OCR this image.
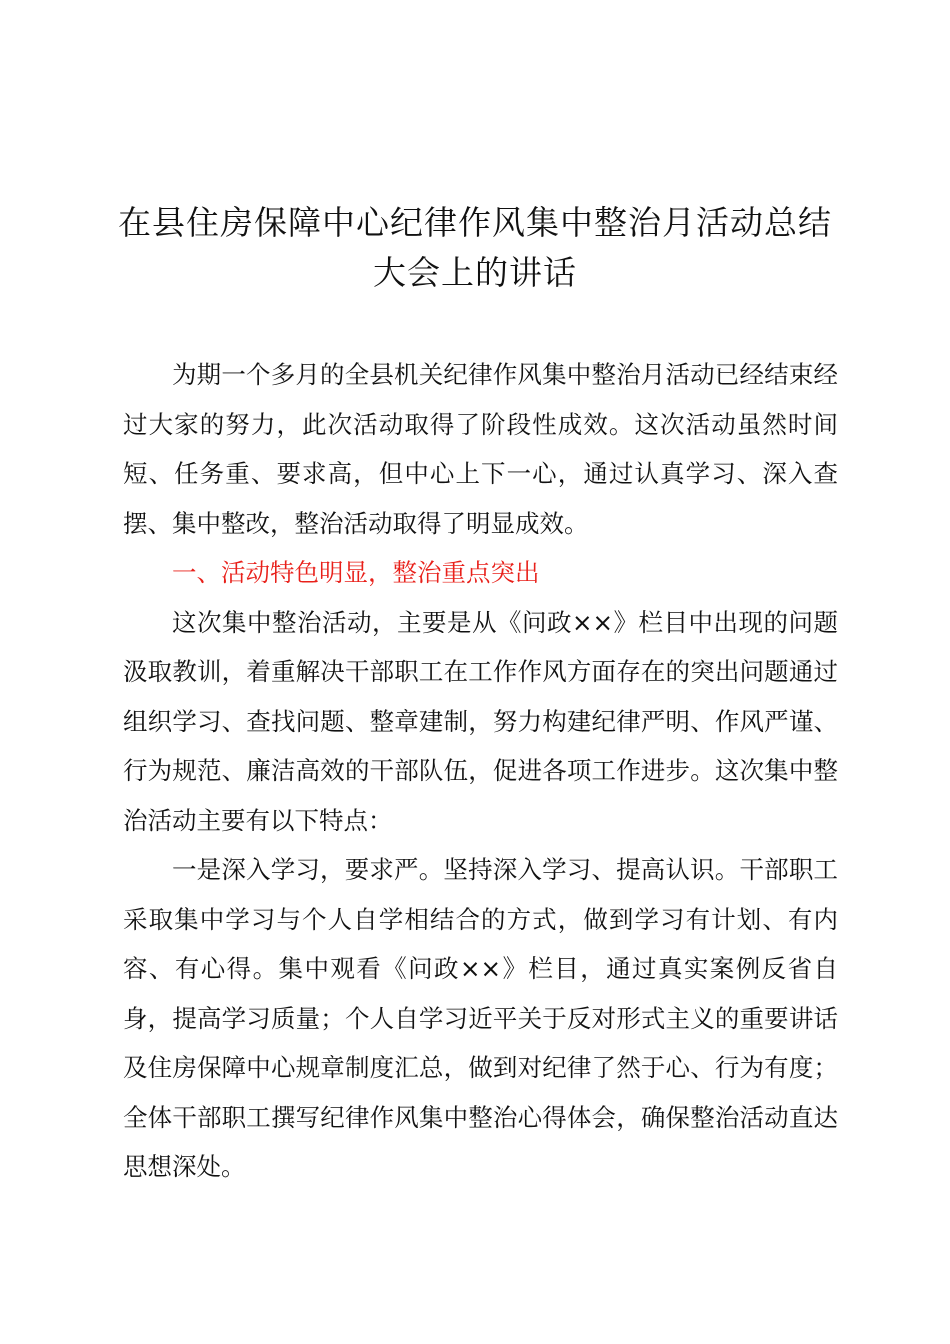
在县住房保障中心纪律作风集中整治月活动总结大会上的讲话

为期一个多月的全县机关纪律作风集中整治月活动已经结束经过大家的努力，此次活动取得了阶段性成效。这次活动虽然时间短、任务重、要求高，但中心上下一心，通过认真学习、深入查摆、集中整改，整治活动取得了明显成效。

一、活动特色明显，整治重点突出

这次集中整治活动，主要是从《问政××》栏目中出现的问题汲取教训，着重解决干部职工在工作作风方面存在的突出问题通过组织学习、查找问题、整章建制，努力构建纪律严明、作风严谨、行为规范、廉洁高效的干部队伍，促进各项工作进步。这次集中整治活动主要有以下特点：

一是深入学习，要求严。坚持深入学习、提高认识。干部职工采取集中学习与个人自学相结合的方式，做到学习有计划、有内容、有心得。集中观看《问政××》栏目，通过真实案例反省自身，提高学习质量；个人自学习近平关于反对形式主义的重要讲话及住房保障中心规章制度汇总，做到对纪律了然于心、行为有度；全体干部职工撰写纪律作风集中整治心得体会，确保整治活动直达思想深处。
